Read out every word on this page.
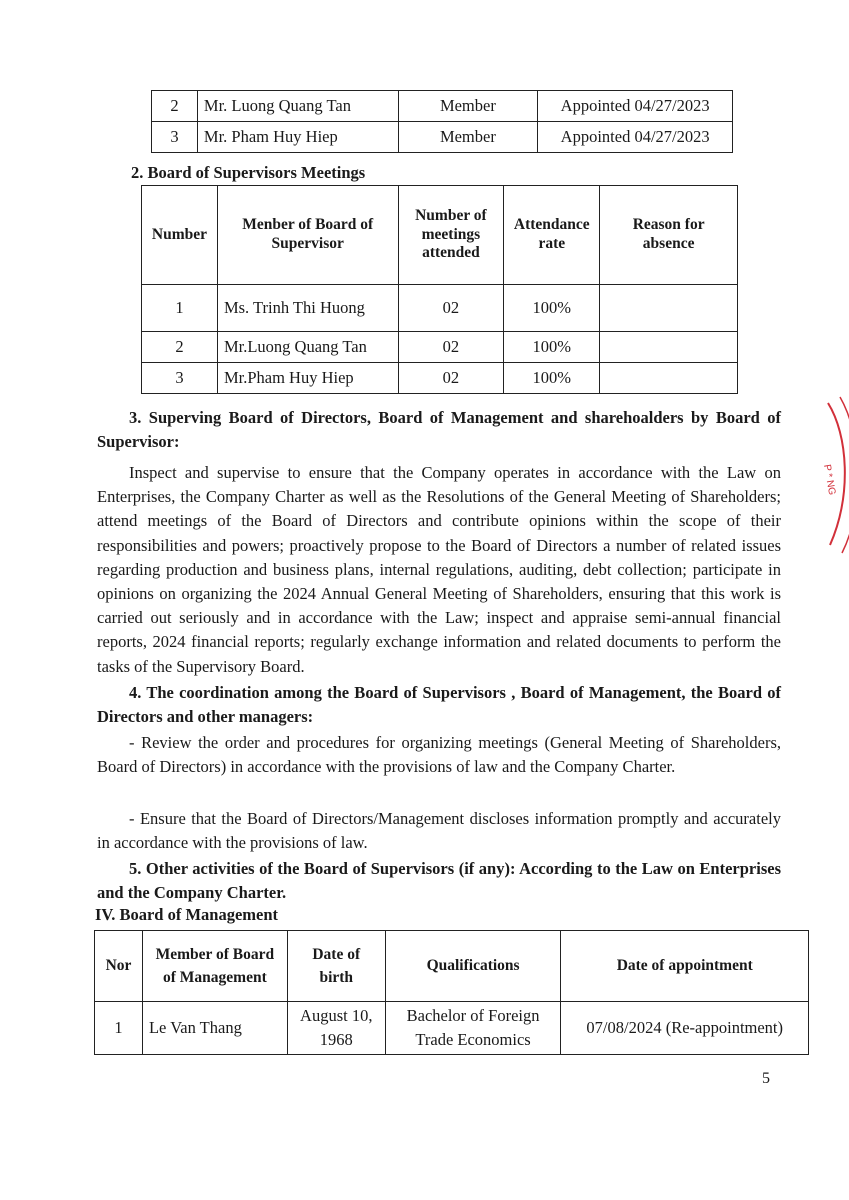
2	Mr. Luong Quang Tan	Member	Appointed 04/27/2023
3	Mr. Pham Huy Hiep	Member	Appointed 04/27/2023
2. Board of Supervisors Meetings
Number	Menber of Board of Supervisor	Number of meetings attended	Attendance rate	Reason for absence
1	Ms. Trinh Thi Huong	02	100%	
2	Mr.Luong Quang Tan	02	100%	
3	Mr.Pham Huy Hiep	02	100%	

3. Superving Board of Directors, Board of Management and sharehoalders by Board of Supervisor:

Inspect and supervise to ensure that the Company operates in accordance with the Law on Enterprises, the Company Charter as well as the Resolutions of the General Meeting of Shareholders; attend meetings of the Board of Directors and contribute opinions within the scope of their responsibilities and powers; proactively propose to the Board of Directors a number of related issues regarding production and business plans, internal regulations, auditing, debt collection; participate in opinions on organizing the 2024 Annual General Meeting of Shareholders, ensuring that this work is carried out seriously and in accordance with the Law; inspect and appraise semi-annual financial reports, 2024 financial reports; regularly exchange information and related documents to perform the tasks of the Supervisory Board.

4. The coordination among the Board of Supervisors , Board of Management, the Board of Directors and other managers:

- Review the order and procedures for organizing meetings (General Meeting of Shareholders, Board of Directors) in accordance with the provisions of law and the Company Charter.

- Ensure that the Board of Directors/Management discloses information promptly and accurately in accordance with the provisions of law.

5. Other activities of the Board of Supervisors (if any): According to the Law on Enterprises and the Company Charter.

IV. Board of Management
Nor	Member of Board of Management	Date of birth	Qualifications	Date of appointment
1	Le Van Thang	August 10, 1968	Bachelor of Foreign Trade Economics	07/08/2024 (Re-appointment)
5
P * NG
